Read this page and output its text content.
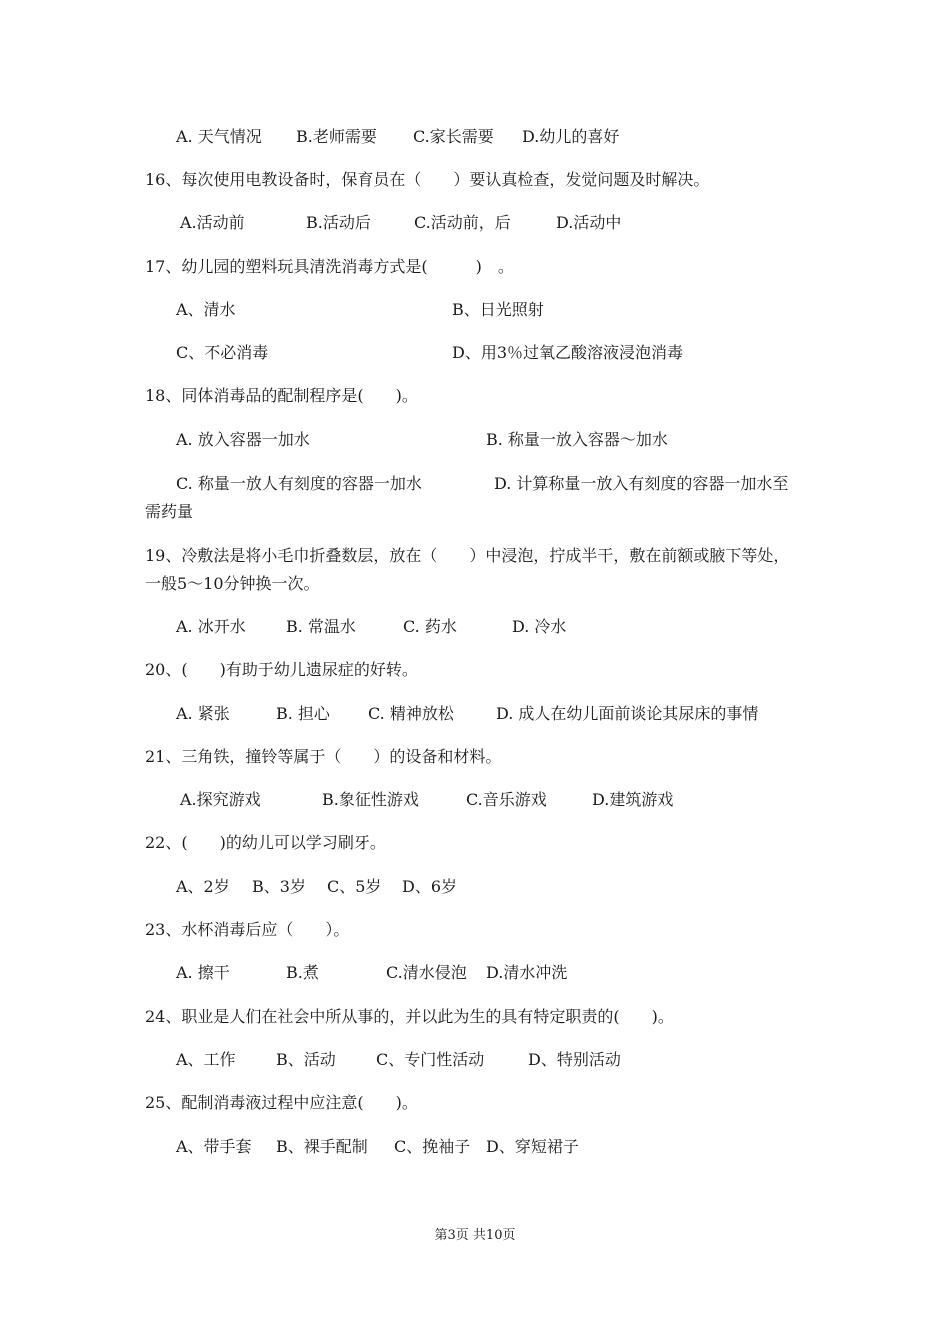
A. 天气情况 B.老师需要 C.家长需要 D.幼儿的喜好
16、每次使用电教设备时，保育员在（　　）要认真检查，发觉问题及时解决。
A.活动前	B.活动后	C.活动前，后	D.活动中
17、幼儿园的塑料玩具清洗消毒方式是(　　　)　。
A、清水	B、日光照射
C、不必消毒	D、用3％过氧乙酸溶液浸泡消毒
18、同体消毒品的配制程序是(　　)。
A. 放入容器一加水	B. 称量一放入容器～加水
C. 称量一放人有刻度的容器一加水	D. 计算称量一放入有刻度的容器一加水至
需药量
19、冷敷法是将小毛巾折叠数层，放在（　　）中浸泡，拧成半干，敷在前额或腋下等处，
一般5～10分钟换一次。
A. 冰开水	B. 常温水	C. 药水	D. 冷水
20、(　　)有助于幼儿遗尿症的好转。
A. 紧张	B. 担心 C. 精神放松	D. 成人在幼儿面前谈论其尿床的事情
21、三角铁，撞铃等属于（　　）的设备和材料。
A.探究游戏	B.象征性游戏	C.音乐游戏	D.建筑游戏
22、(　　)的幼儿可以学习刷牙。
A、2岁 B、3岁 C、5岁 D、6岁
23、水杯消毒后应（　　）。
A. 擦干	B.煮	C.清水侵泡 D.清水冲洗
24、职业是人们在社会中所从事的，并以此为生的具有特定职责的(　　)。
A、工作	B、活动	C、专门性活动	D、特别活动
25、配制消毒液过程中应注意(　　)。
A、带手套 B、裸手配制 C、挽袖子 D、穿短裙子
第3页 共10页
